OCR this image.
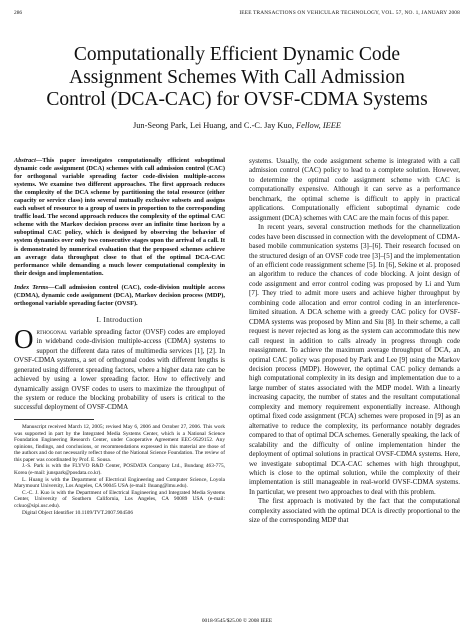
286	IEEE TRANSACTIONS ON VEHICULAR TECHNOLOGY, VOL. 57, NO. 1, JANUARY 2008
Computationally Efficient Dynamic Code
Assignment Schemes With Call Admission
Control (DCA-CAC) for OVSF-CDMA Systems
Jun-Seong Park, Lei Huang, and C.-C. Jay Kuo, Fellow, IEEE

Abstract—This paper investigates computationally efficient suboptimal dynamic code assignment (DCA) schemes with call admission control (CAC) for orthogonal variable spreading factor code-division multiple-access systems. We examine two different approaches. The first approach reduces the complexity of the DCA scheme by partitioning the total resource (either capacity or service class) into several mutually exclusive subsets and assigns each subset of resource to a group of users in proportion to the corresponding traffic load. The second approach reduces the complexity of the optimal CAC scheme with the Markov decision process over an infinite time horizon by a suboptimal CAC policy, which is designed by observing the behavior of system dynamics over only two consecutive stages upon the arrival of a call. It is demonstrated by numerical evaluation that the proposed schemes achieve an average data throughput close to that of the optimal DCA-CAC performance while demanding a much lower computational complexity in their design and implementation.

Index Terms—Call admission control (CAC), code-division multiple access (CDMA), dynamic code assignment (DCA), Markov decision process (MDP), orthogonal variable spreading factor (OVSF).

I. Introduction

Orthogonal variable spreading factor (OVSF) codes are employed in wideband code-division multiple-access (CDMA) systems to support the different data rates of multimedia services [1], [2]. In OVSF-CDMA systems, a set of orthogonal codes with different lengths is generated using different spreading factors, where a higher data rate can be achieved by using a lower spreading factor. How to effectively and dynamically assign OVSF codes to users to maximize the throughput of the system or reduce the blocking probability of users is critical to the successful deployment of OVSF-CDMA

Manuscript received March 12, 2005; revised May 6, 2006 and October 27, 2006. This work was supported in part by the Integrated Media Systems Center, which is a National Science Foundation Engineering Research Center, under Cooperative Agreement EEC-9529152. Any opinions, findings, and conclusions, or recommendations expressed in this material are those of the authors and do not necessarily reflect those of the National Science Foundation. The review of this paper was coordinated by Prof. E. Sousa.

J.-S. Park is with the FLYVO R&D Center, POSDATA Company Ltd., Bundang 463-775, Korea (e-mail: junspark@posdata.co.kr).

L. Huang is with the Department of Electrical Engineering and Computer Science, Loyola Marymount University, Los Angeles, CA 90045 USA (e-mail: lhuang@lmu.edu).

C.-C. J. Kuo is with the Department of Electrical Engineering and Integrated Media Systems Center, University of Southern California, Los Angeles, CA 90089 USA (e-mail: cckuo@sipi.usc.edu).

Digital Object Identifier 10.1109/TVT.2007.904506

systems. Usually, the code assignment scheme is integrated with a call admission control (CAC) policy to lead to a complete solution. However, to determine the optimal code assignment scheme with CAC is computationally expensive. Although it can serve as a performance benchmark, the optimal scheme is difficult to apply in practical applications. Computationally efficient suboptimal dynamic code assignment (DCA) schemes with CAC are the main focus of this paper.

In recent years, several construction methods for the channelization codes have been discussed in connection with the development of CDMA-based mobile communication systems [3]–[6]. Their research focused on the structured design of an OVSF code tree [3]–[5] and the implementation of an efficient code reassignment scheme [5]. In [6], Sekine et al. proposed an algorithm to reduce the chances of code blocking. A joint design of code assignment and error control coding was proposed by Li and Yum [7]. They tried to admit more users and achieve higher throughput by combining code allocation and error control coding in an interference-limited situation. A DCA scheme with a greedy CAC policy for OVSF-CDMA systems was proposed by Minn and Siu [8]. In their scheme, a call request is never rejected as long as the system can accommodate this new call request in addition to calls already in progress through code reassignment. To achieve the maximum average throughput of DCA, an optimal CAC policy was proposed by Park and Lee [9] using the Markov decision process (MDP). However, the optimal CAC policy demands a high computational complexity in its design and implementation due to a large number of states associated with the MDP model. With a linearly increasing capacity, the number of states and the resultant computational complexity and memory requirement exponentially increase. Although optimal fixed code assignment (FCA) schemes were proposed in [9] as an alternative to reduce the complexity, its performance notably degrades compared to that of optimal DCA schemes. Generally speaking, the lack of scalability and the difficulty of online implementation hinder the deployment of optimal solutions in practical OVSF-CDMA systems. Here, we investigate suboptimal DCA-CAC schemes with high throughput, which is close to the optimal solution, while the complexity of their implementation is still manageable in real-world OVSF-CDMA systems. In particular, we present two approaches to deal with this problem.

The first approach is motivated by the fact that the computational complexity associated with the optimal DCA is directly proportional to the size of the corresponding MDP that

0018-9545/$25.00 © 2008 IEEE
